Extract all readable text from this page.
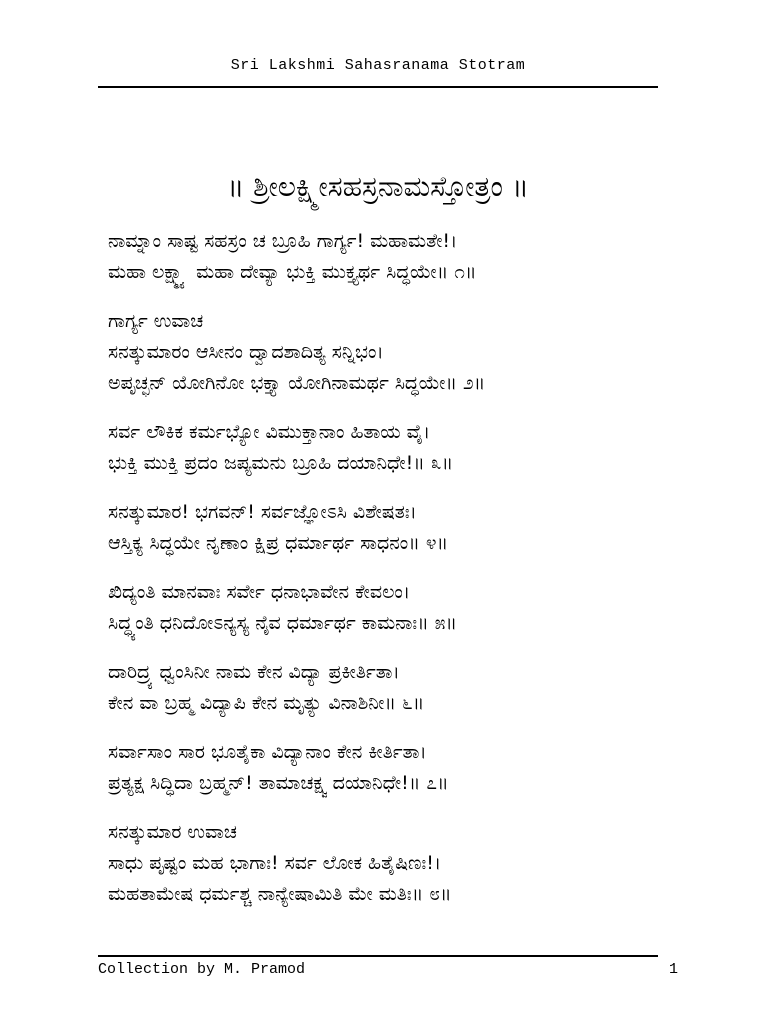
Sri Lakshmi Sahasranama Stotram
॥ ಶ್ರೀಲಕ್ಷ್ಮೀಸಹಸ್ರನಾಮಸ್ತೋತ್ರಂ ॥
ನಾಮ್ನಾಂ ಸಾಷ್ಟ ಸಹಸ್ರಂ ಚ ಬ್ರೂಹಿ ಗಾರ್ಗ್ಯ! ಮಹಾಮತೇ!।
ಮಹಾ ಲಕ್ಷ್ಮ್ಯಾ ಮಹಾ ದೇವ್ಯಾ ಭುಕ್ತಿ ಮುಕ್ತ್ಯರ್ಥ ಸಿದ್ಧಯೇ॥ ೧॥
ಗಾರ್ಗ್ಯ ಉವಾಚ
ಸನತ್ಕುಮಾರಂ ಆಸೀನಂ ದ್ವಾದಶಾದಿತ್ಯ ಸನ್ನಿಭಂ।
ಅಪೃಚ್ಛನ್ ಯೋಗಿನೋ ಭಕ್ತ್ಯಾ ಯೋಗಿನಾಮರ್ಥ ಸಿದ್ಧಯೇ॥ ೨॥
ಸರ್ವ ಲೌಕಿಕ ಕರ್ಮಭ್ಯೋ ವಿಮುಕ್ತಾನಾಂ ಹಿತಾಯ ವೈ।
ಭುಕ್ತಿ ಮುಕ್ತಿ ಪ್ರದಂ ಜಪ್ಯಮನು ಬ್ರೂಹಿ ದಯಾನಿಧೇ!॥ ೩॥
ಸನತ್ಕುಮಾರ! ಭಗವನ್! ಸರ್ವಜ್ಞೋಽಸಿ ವಿಶೇಷತಃ।
ಆಸ್ತಿಕ್ಯ ಸಿದ್ಧಯೇ ನೃಣಾಂ ಕ್ಷಿಪ್ರ ಧರ್ಮಾರ್ಥ ಸಾಧನಂ॥ ೪॥
ಖಿದ್ಯಂತಿ ಮಾನವಾಃ ಸರ್ವೇ ಧನಾಭಾವೇನ ಕೇವಲಂ।
ಸಿದ್ಧ್ಯಂತಿ ಧನಿದೋಽನ್ಯಸ್ಯ ನೈವ ಧರ್ಮಾರ್ಥ ಕಾಮನಾಃ॥ ೫॥
ದಾರಿದ್ರ್ಯ ಧ್ವಂಸಿನೀ ನಾಮ ಕೇನ ವಿದ್ಯಾ ಪ್ರಕೀರ್ತಿತಾ।
ಕೇನ ವಾ ಬ್ರಹ್ಮ ವಿದ್ಯಾಪಿ ಕೇನ ಮೃತ್ಯು ವಿನಾಶಿನೀ॥ ೬॥
ಸರ್ವಾಸಾಂ ಸಾರ ಭೂತೈಕಾ ವಿದ್ಯಾನಾಂ ಕೇನ ಕೀರ್ತಿತಾ।
ಪ್ರತ್ಯಕ್ಷ ಸಿದ್ಧಿದಾ ಬ್ರಹ್ಮನ್! ತಾಮಾಚಕ್ಷ್ವ ದಯಾನಿಧೇ!॥ ೭॥
ಸನತ್ಕುಮಾರ ಉವಾಚ
ಸಾಧು ಪೃಷ್ಟಂ ಮಹ ಭಾಗಾಃ! ಸರ್ವ ಲೋಕ ಹಿತೈಷಿಣಃ!।
ಮಹತಾಮೇಷ ಧರ್ಮಶ್ಚ ನಾನ್ಯೇಷಾಮಿತಿ ಮೇ ಮತಿಃ॥ ೮॥
Collection by M. Pramod	1
